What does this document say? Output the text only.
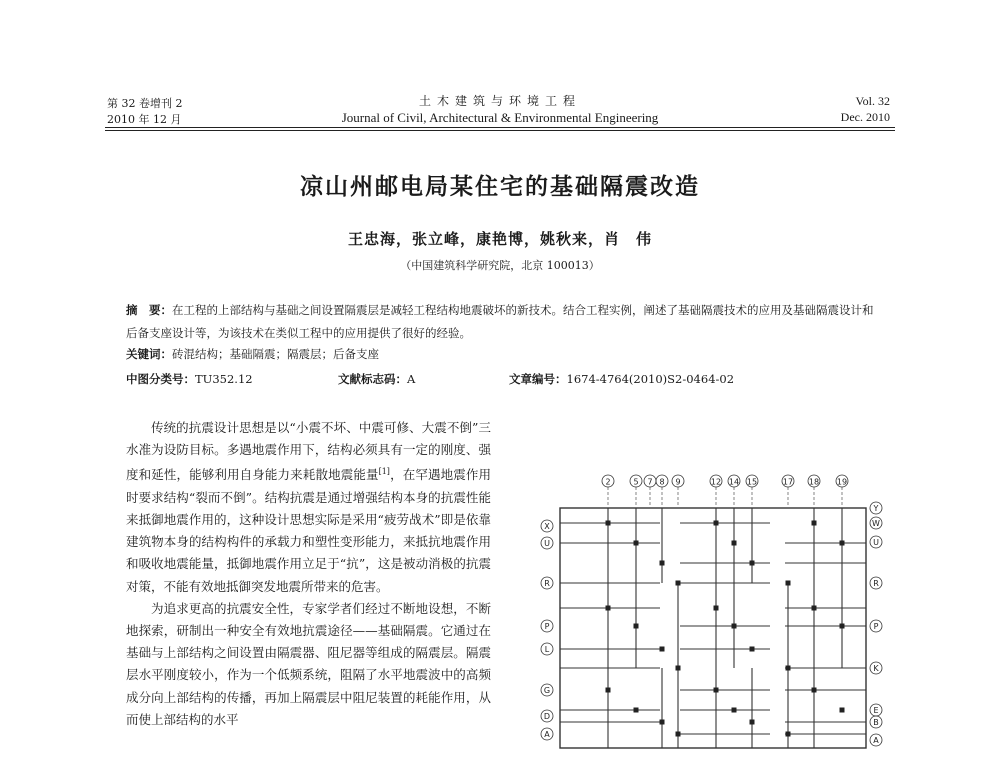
第 32 卷增刊 2
2010 年 12 月
土木建筑与环境工程
Journal of Civil, Architectural & Environmental Engineering
Vol. 32
Dec. 2010
凉山州邮电局某住宅的基础隔震改造
王忠海，张立峰，康艳博，姚秋来，肖　伟
（中国建筑科学研究院，北京 100013）
摘　要：在工程的上部结构与基础之间设置隔震层是减轻工程结构地震破坏的新技术。结合工程实例，阐述了基础隔震技术的应用及基础隔震设计和后备支座设计等，为该技术在类似工程中的应用提供了很好的经验。
关键词：砖混结构；基础隔震；隔震层；后备支座
中图分类号：TU352.12	文献标志码：A	文章编号：1674-4764(2010)S2-0464-02

传统的抗震设计思想是以“小震不坏、中震可修、大震不倒”三水准为设防目标。多遇地震作用下，结构必须具有一定的刚度、强度和延性，能够利用自身能力来耗散地震能量[1]，在罕遇地震作用时要求结构“裂而不倒”。结构抗震是通过增强结构本身的抗震性能来抵御地震作用的，这种设计思想实际是采用“疲劳战术”即是依靠建筑物本身的结构构件的承载力和塑性变形能力，来抵抗地震作用和吸收地震能量，抵御地震作用立足于“抗”，这是被动消极的抗震对策，不能有效地抵御突发地震所带来的危害。

为追求更高的抗震安全性，专家学者们经过不断地设想，不断地探索，研制出一种安全有效地抗震途径——基础隔震。它通过在基础与上部结构之间设置由隔震器、阻尼器等组成的隔震层。隔震层水平刚度较小，作为一个低频系统，阻隔了水平地震波中的高频成分向上部结构的传播，再加上隔震层中阻尼装置的耗能作用，从而使上部结构的水平

2	5 7 8 9	12 14 15	17 18 19
X
U
R
P
L
G
D
A
Y
W
U
R
P
K
E
B
A
